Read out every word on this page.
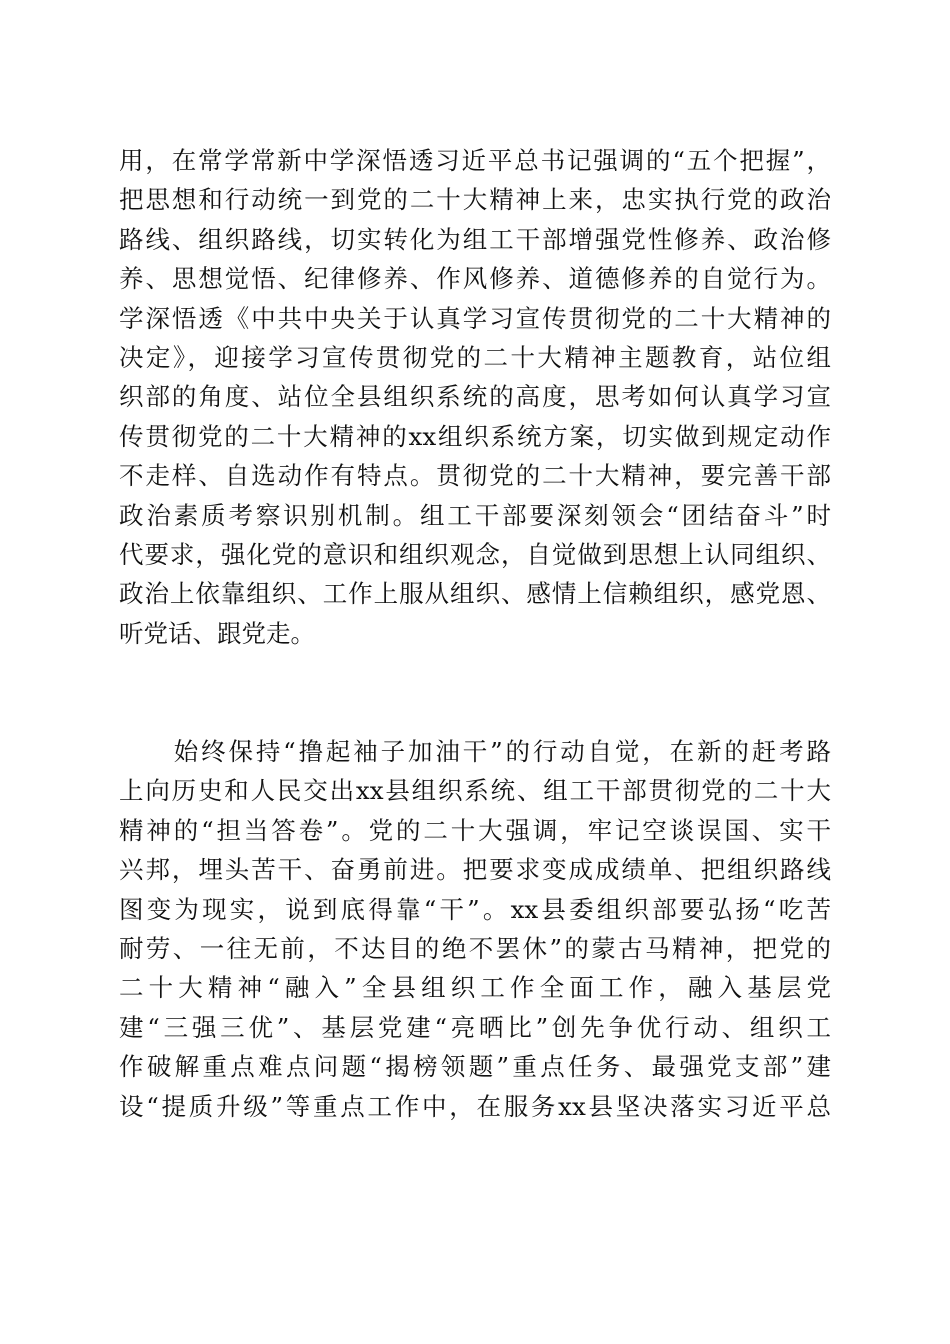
用，在常学常新中学深悟透习近平总书记强调的“五个把握”，
把思想和行动统一到党的二十大精神上来，忠实执行党的政治
路线、组织路线，切实转化为组工干部增强党性修养、政治修
养、思想觉悟、纪律修养、作风修养、道德修养的自觉行为。
学深悟透《中共中央关于认真学习宣传贯彻党的二十大精神的
决定》，迎接学习宣传贯彻党的二十大精神主题教育，站位组
织部的角度、站位全县组织系统的高度，思考如何认真学习宣
传贯彻党的二十大精神的xx组织系统方案，切实做到规定动作
不走样、自选动作有特点。贯彻党的二十大精神，要完善干部
政治素质考察识别机制。组工干部要深刻领会“团结奋斗”时
代要求，强化党的意识和组织观念，自觉做到思想上认同组织、
政治上依靠组织、工作上服从组织、感情上信赖组织，感党恩、
听党话、跟党走。
　　始终保持“撸起袖子加油干”的行动自觉，在新的赶考路
上向历史和人民交出xx县组织系统、组工干部贯彻党的二十大
精神的“担当答卷”。党的二十大强调，牢记空谈误国、实干
兴邦，埋头苦干、奋勇前进。把要求变成成绩单、把组织路线
图变为现实，说到底得靠“干”。xx县委组织部要弘扬“吃苦
耐劳、一往无前，不达目的绝不罢休”的蒙古马精神，把党的
二十大精神“融入”全县组织工作全面工作，融入基层党
建“三强三优”、基层党建“亮晒比”创先争优行动、组织工
作破解重点难点问题“揭榜领题”重点任务、最强党支部”建
设“提质升级”等重点工作中，在服务xx县坚决落实习近平总
